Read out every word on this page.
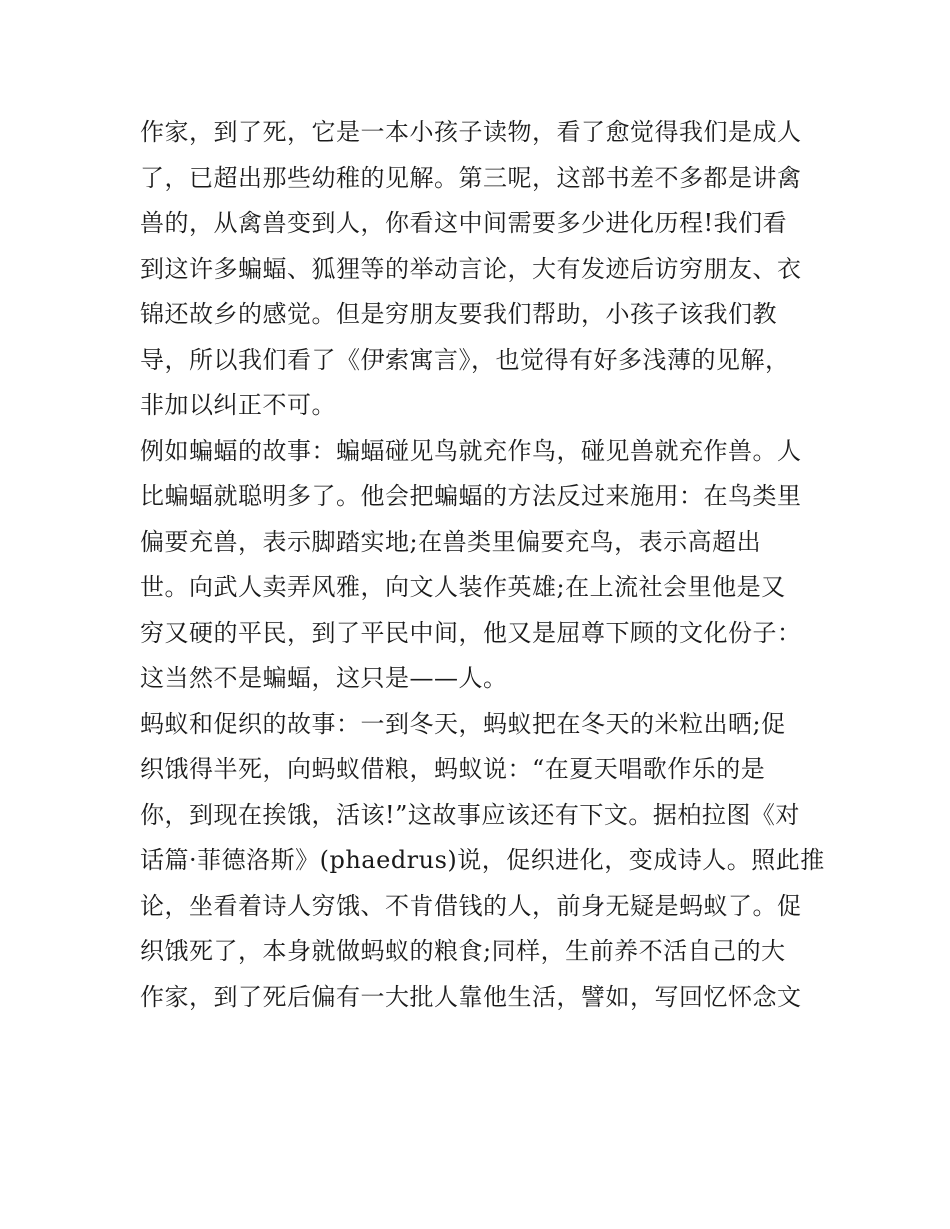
作家，到了死，它是一本小孩子读物，看了愈觉得我们是成人
了，已超出那些幼稚的见解。第三呢，这部书差不多都是讲禽
兽的，从禽兽变到人，你看这中间需要多少进化历程!我们看
到这许多蝙蝠、狐狸等的举动言论，大有发迹后访穷朋友、衣
锦还故乡的感觉。但是穷朋友要我们帮助，小孩子该我们教
导，所以我们看了《伊索寓言》，也觉得有好多浅薄的见解，
非加以纠正不可。
例如蝙蝠的故事：蝙蝠碰见鸟就充作鸟，碰见兽就充作兽。人
比蝙蝠就聪明多了。他会把蝙蝠的方法反过来施用：在鸟类里
偏要充兽，表示脚踏实地;在兽类里偏要充鸟，表示高超出
世。向武人卖弄风雅，向文人装作英雄;在上流社会里他是又
穷又硬的平民，到了平民中间，他又是屈尊下顾的文化份子：
这当然不是蝙蝠，这只是——人。
蚂蚁和促织的故事：一到冬天，蚂蚁把在冬天的米粒出晒;促
织饿得半死，向蚂蚁借粮，蚂蚁说：“在夏天唱歌作乐的是
你，到现在挨饿，活该!”这故事应该还有下文。据柏拉图《对
话篇·菲德洛斯》(phaedrus)说，促织进化，变成诗人。照此推
论，坐看着诗人穷饿、不肯借钱的人，前身无疑是蚂蚁了。促
织饿死了，本身就做蚂蚁的粮食;同样，生前养不活自己的大
作家，到了死后偏有一大批人靠他生活，譬如，写回忆怀念文
